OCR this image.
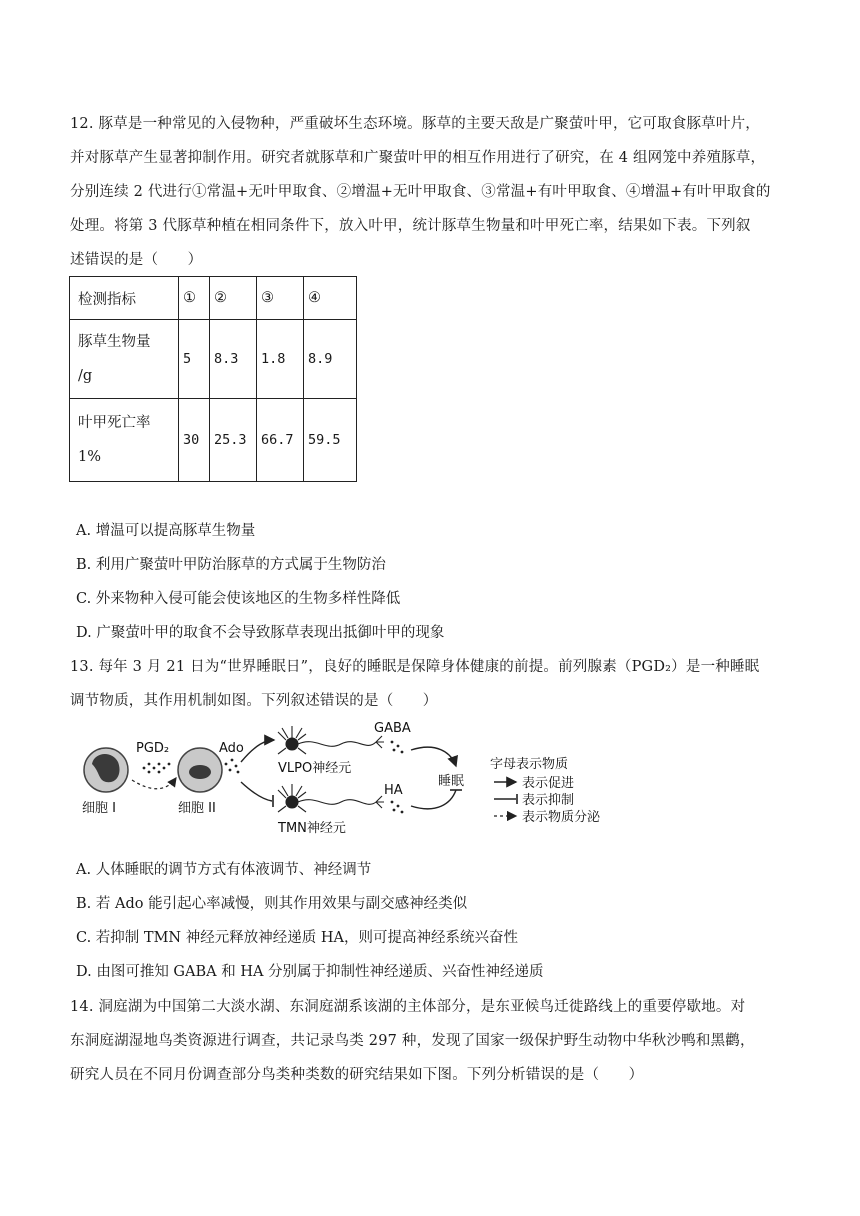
12. 豚草是一种常见的入侵物种，严重破坏生态环境。豚草的主要天敌是广聚萤叶甲，它可取食豚草叶片，
并对豚草产生显著抑制作用。研究者就豚草和广聚萤叶甲的相互作用进行了研究，在 4 组网笼中养殖豚草，
分别连续 2 代进行①常温+无叶甲取食、②增温+无叶甲取食、③常温+有叶甲取食、④增温+有叶甲取食的
处理。将第 3 代豚草种植在相同条件下，放入叶甲，统计豚草生物量和叶甲死亡率，结果如下表。下列叙
述错误的是（　　）
检测指标	①	②	③	④

豚草生物量
/g	5	8.3	1.8	8.9

叶甲死亡率
1%	30	25.3	66.7	59.5
A. 增温可以提高豚草生物量
B. 利用广聚萤叶甲防治豚草的方式属于生物防治
C. 外来物种入侵可能会使该地区的生物多样性降低
D. 广聚萤叶甲的取食不会导致豚草表现出抵御叶甲的现象
13. 每年 3 月 21 日为“世界睡眠日”，良好的睡眠是保障身体健康的前提。前列腺素（PGD₂）是一种睡眠
调节物质，其作用机制如图。下列叙述错误的是（　　）
细胞 I
PGD₂
细胞 II
Ado
VLPO神经元
GABA
TMN神经元
HA
睡眠
字母表示物质
表示促进
表示抑制
表示物质分泌
A. 人体睡眠的调节方式有体液调节、神经调节
B. 若 Ado 能引起心率减慢，则其作用效果与副交感神经类似
C. 若抑制 TMN 神经元释放神经递质 HA，则可提高神经系统兴奋性
D. 由图可推知 GABA 和 HA 分别属于抑制性神经递质、兴奋性神经递质
14. 洞庭湖为中国第二大淡水湖、东洞庭湖系该湖的主体部分，是东亚候鸟迁徙路线上的重要停歇地。对
东洞庭湖湿地鸟类资源进行调查，共记录鸟类 297 种，发现了国家一级保护野生动物中华秋沙鸭和黑鹳，
研究人员在不同月份调查部分鸟类种类数的研究结果如下图。下列分析错误的是（　　）
